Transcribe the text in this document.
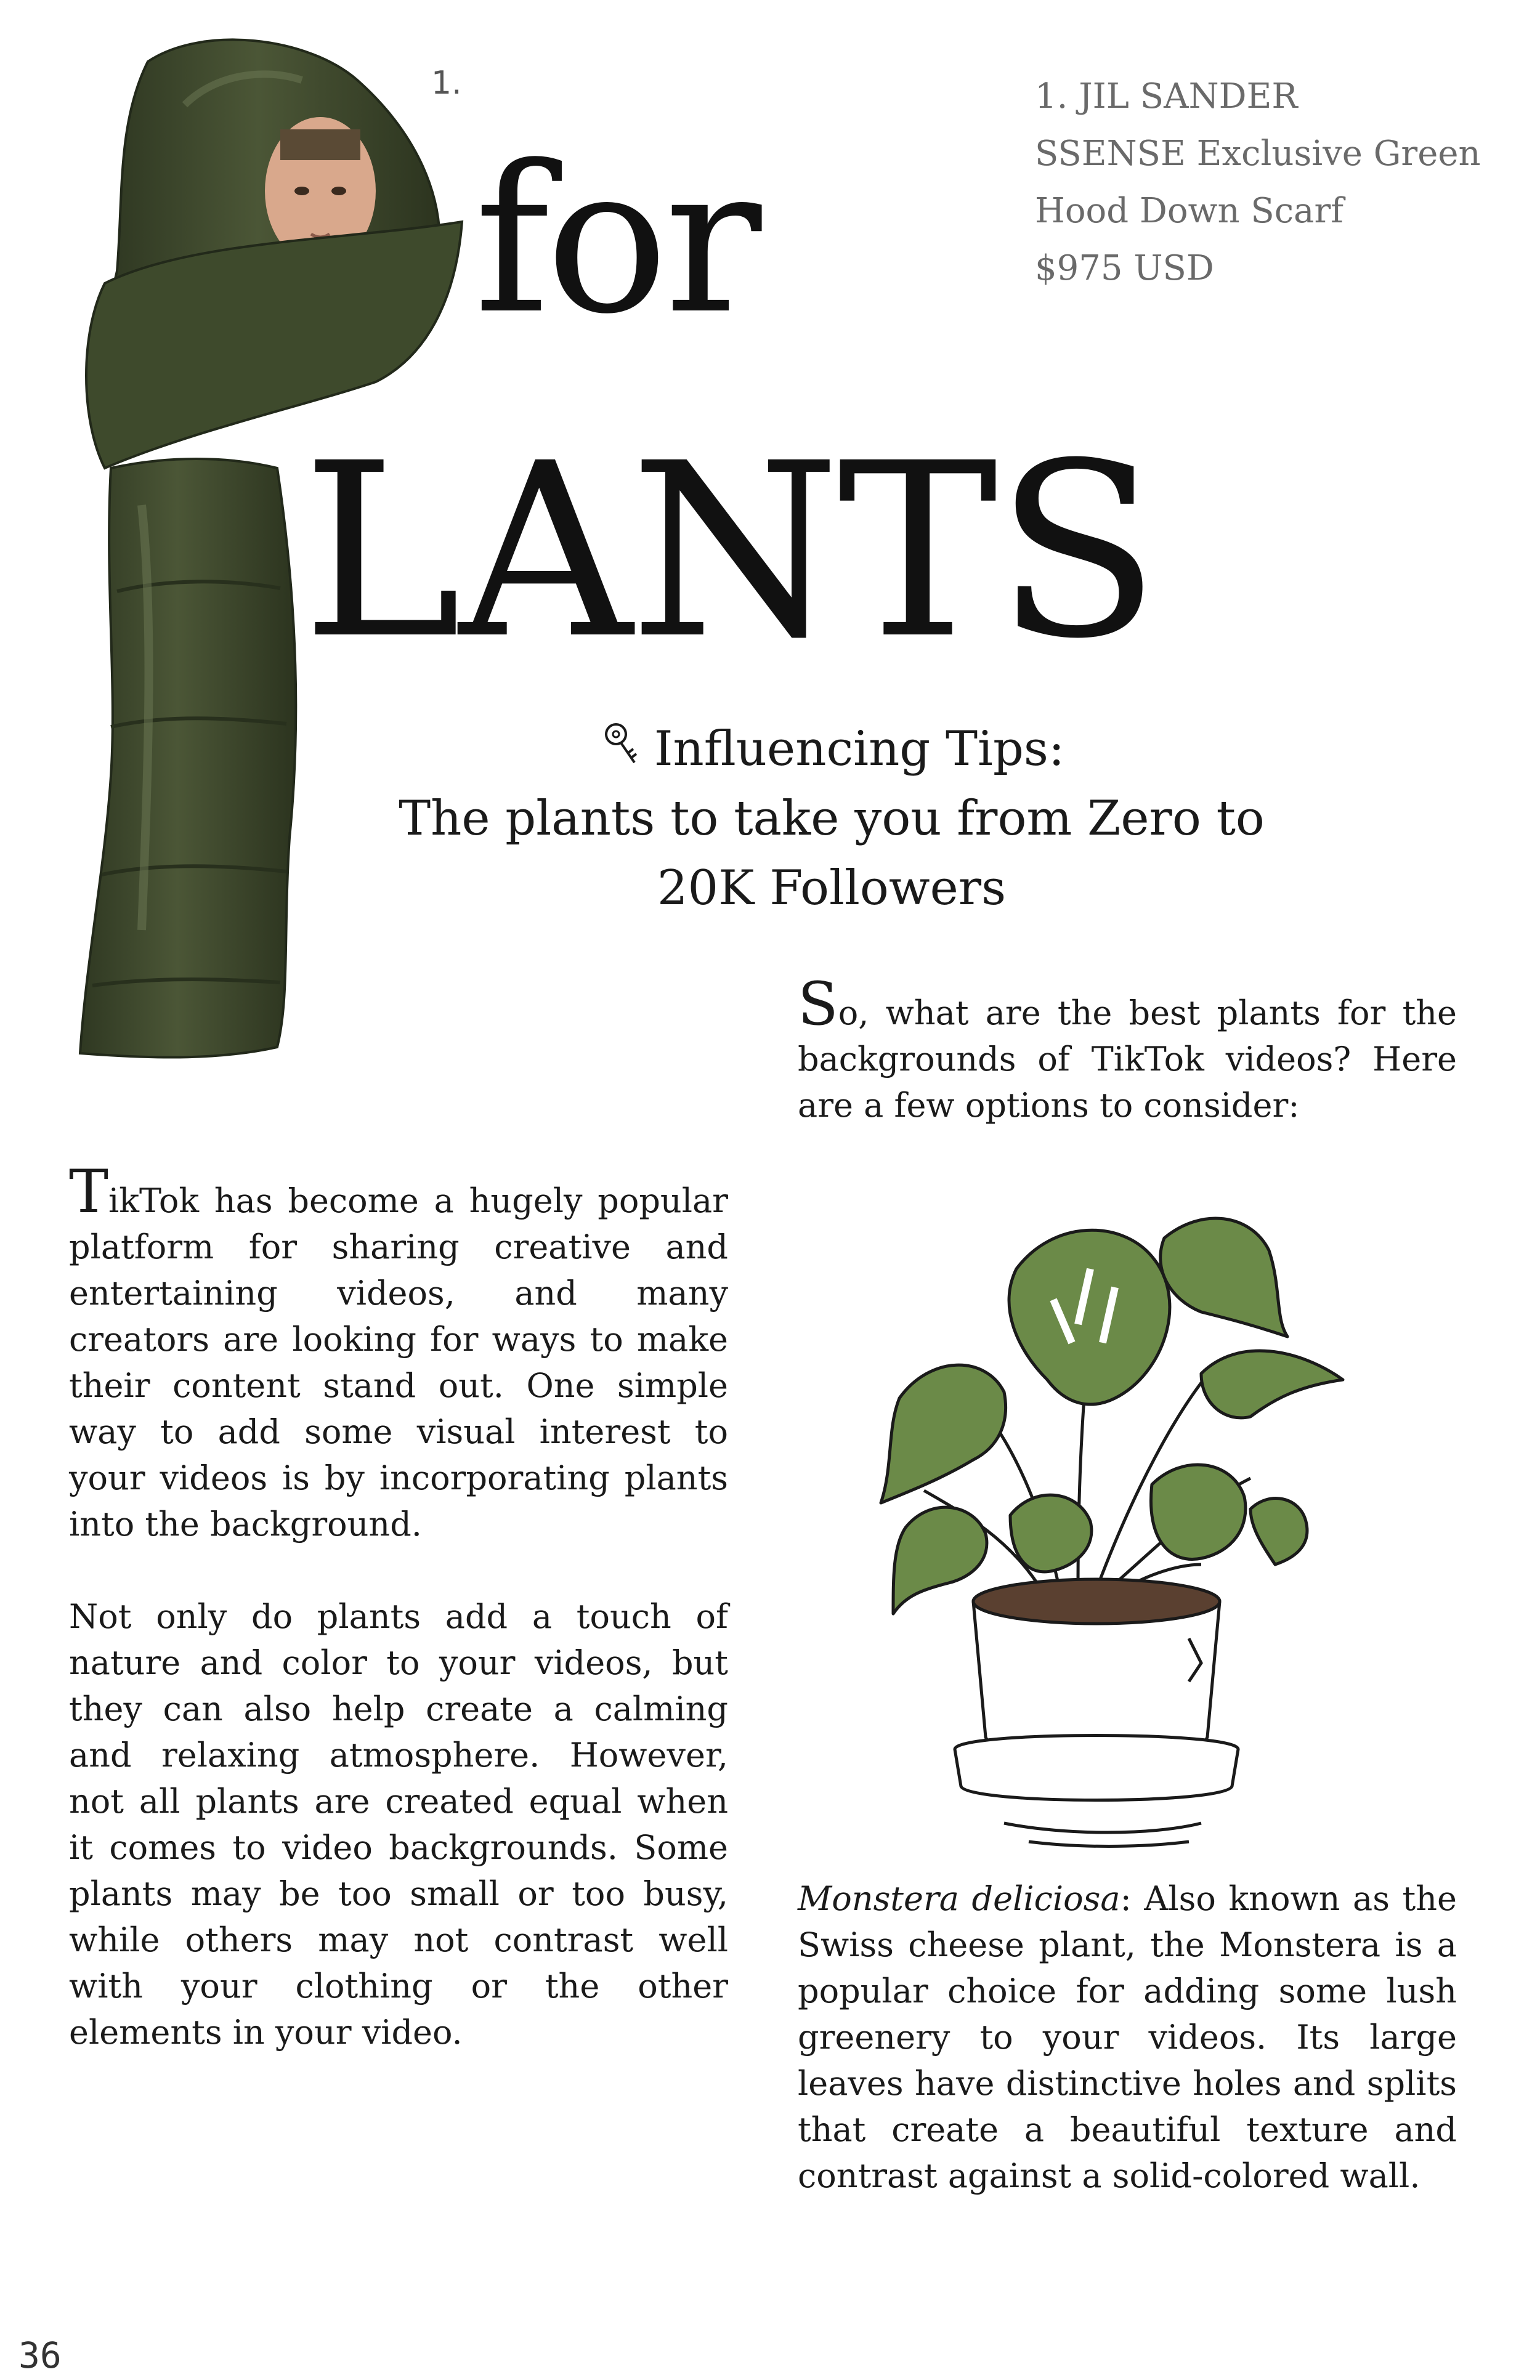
1.
for
LANTS
1. JIL SANDER
SSENSE Exclusive Green
Hood Down Scarf
$975 USD
Influencing Tips:
The plants to take you from Zero to
20K Followers

So, what are the best plants for the backgrounds of TikTok videos? Here are a few options to consider:

TikTok has become a hugely popular platform for sharing creative and entertaining videos, and many creators are looking for ways to make their content stand out. One simple way to add some visual interest to your videos is by incorporating plants into the background.

Not only do plants add a touch of nature and color to your videos, but they can also help create a calming and relaxing atmosphere. However, not all plants are created equal when it comes to video backgrounds. Some plants may be too small or too busy, while others may not contrast well with your clothing or the other elements in your video.

Monstera deliciosa: Also known as the Swiss cheese plant, the Monstera is a popular choice for adding some lush greenery to your videos. Its large leaves have distinctive holes and splits that create a beautiful texture and contrast against a solid-colored wall.

36
